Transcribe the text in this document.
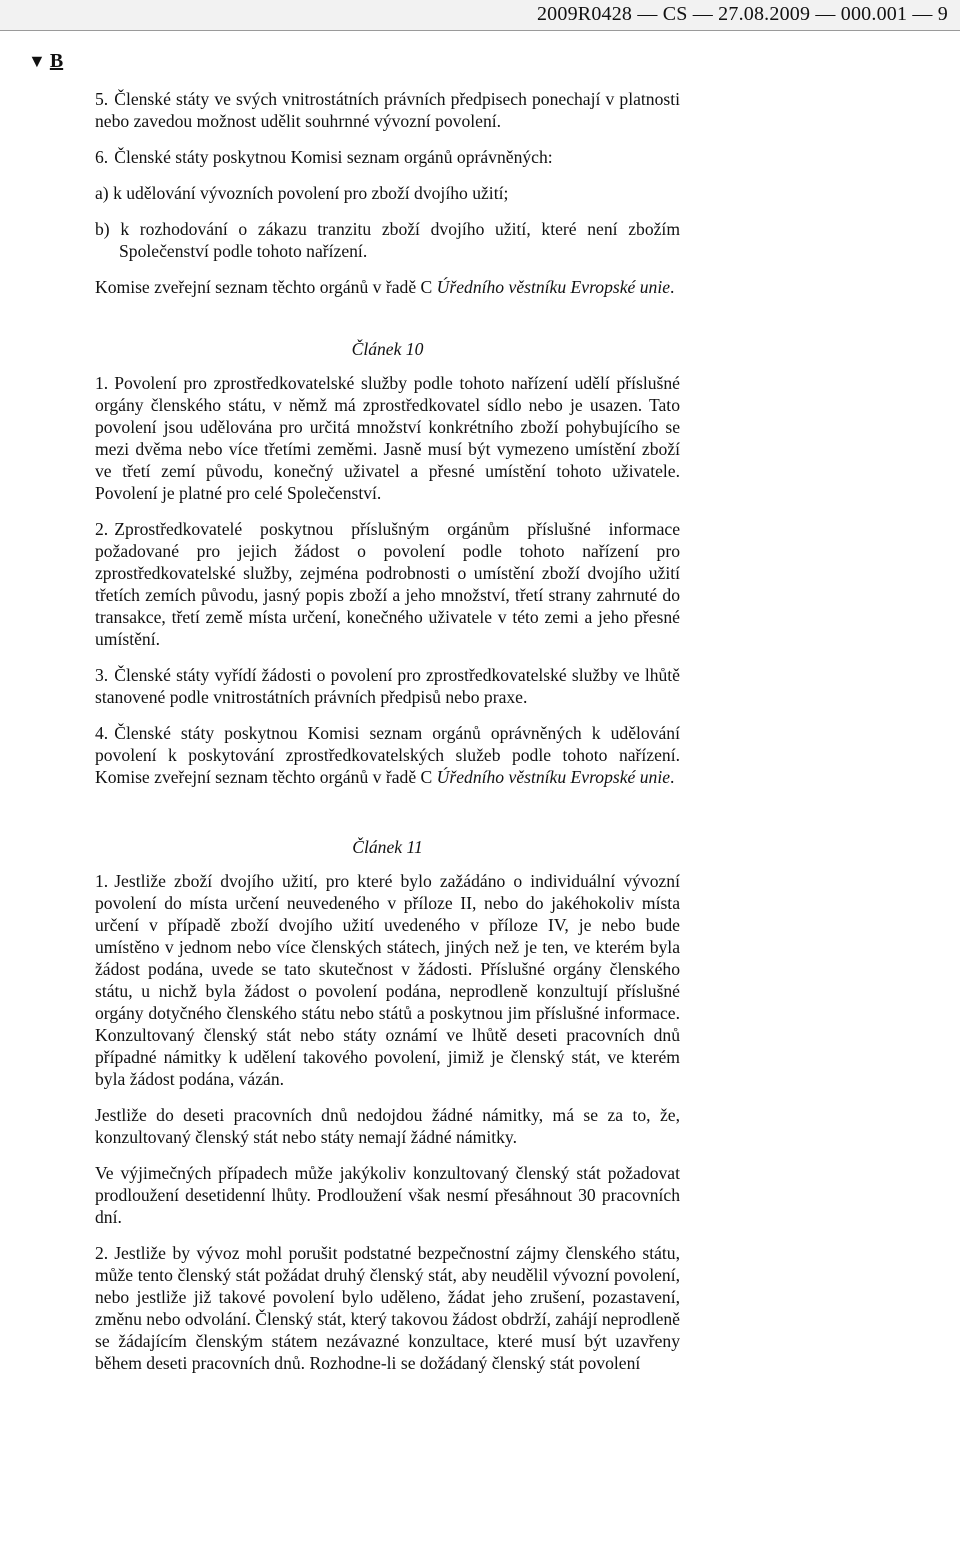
2009R0428 — CS — 27.08.2009 — 000.001 — 9
▼ B

5. Členské státy ve svých vnitrostátních právních předpisech ponechají v platnosti nebo zavedou možnost udělit souhrnné vývozní povolení.

6. Členské státy poskytnou Komisi seznam orgánů oprávněných:

a) k udělování vývozních povolení pro zboží dvojího užití;

b) k rozhodování o zákazu tranzitu zboží dvojího užití, které není zbožím Společenství podle tohoto nařízení.

Komise zveřejní seznam těchto orgánů v řadě C Úředního věstníku Evropské unie.

Článek 10

1. Povolení pro zprostředkovatelské služby podle tohoto nařízení udělí příslušné orgány členského státu, v němž má zprostředkovatel sídlo nebo je usazen. Tato povolení jsou udělována pro určitá množství konkrétního zboží pohybujícího se mezi dvěma nebo více třetími zeměmi. Jasně musí být vymezeno umístění zboží ve třetí zemí původu, konečný uživatel a přesné umístění tohoto uživatele. Povolení je platné pro celé Společenství.

2. Zprostředkovatelé poskytnou příslušným orgánům příslušné informace požadované pro jejich žádost o povolení podle tohoto nařízení pro zprostředkovatelské služby, zejména podrobnosti o umístění zboží dvojího užití třetích zemích původu, jasný popis zboží a jeho množství, třetí strany zahrnuté do transakce, třetí země místa určení, konečného uživatele v této zemi a jeho přesné umístění.

3. Členské státy vyřídí žádosti o povolení pro zprostředkovatelské služby ve lhůtě stanovené podle vnitrostátních právních předpisů nebo praxe.

4. Členské státy poskytnou Komisi seznam orgánů oprávněných k udělování povolení k poskytování zprostředkovatelských služeb podle tohoto nařízení. Komise zveřejní seznam těchto orgánů v řadě C Úředního věstníku Evropské unie.

Článek 11

1. Jestliže zboží dvojího užití, pro které bylo zažádáno o individuální vývozní povolení do místa určení neuvedeného v příloze II, nebo do jakéhokoliv místa určení v případě zboží dvojího užití uvedeného v příloze IV, je nebo bude umístěno v jednom nebo více členských státech, jiných než je ten, ve kterém byla žádost podána, uvede se tato skutečnost v žádosti. Příslušné orgány členského státu, u nichž byla žádost o povolení podána, neprodleně konzultují příslušné orgány dotyčného členského státu nebo států a poskytnou jim příslušné informace. Konzultovaný členský stát nebo státy oznámí ve lhůtě deseti pracovních dnů případné námitky k udělení takového povolení, jimiž je členský stát, ve kterém byla žádost podána, vázán.

Jestliže do deseti pracovních dnů nedojdou žádné námitky, má se za to, že, konzultovaný členský stát nebo státy nemají žádné námitky.

Ve výjimečných případech může jakýkoliv konzultovaný členský stát požadovat prodloužení desetidenní lhůty. Prodloužení však nesmí přesáhnout 30 pracovních dní.

2. Jestliže by vývoz mohl porušit podstatné bezpečnostní zájmy členského státu, může tento členský stát požádat druhý členský stát, aby neudělil vývozní povolení, nebo jestliže již takové povolení bylo uděleno, žádat jeho zrušení, pozastavení, změnu nebo odvolání. Členský stát, který takovou žádost obdrží, zahájí neprodleně se žádajícím členským státem nezávazné konzultace, které musí být uzavřeny během deseti pracovních dnů. Rozhodne-li se dožádaný členský stát povolení
